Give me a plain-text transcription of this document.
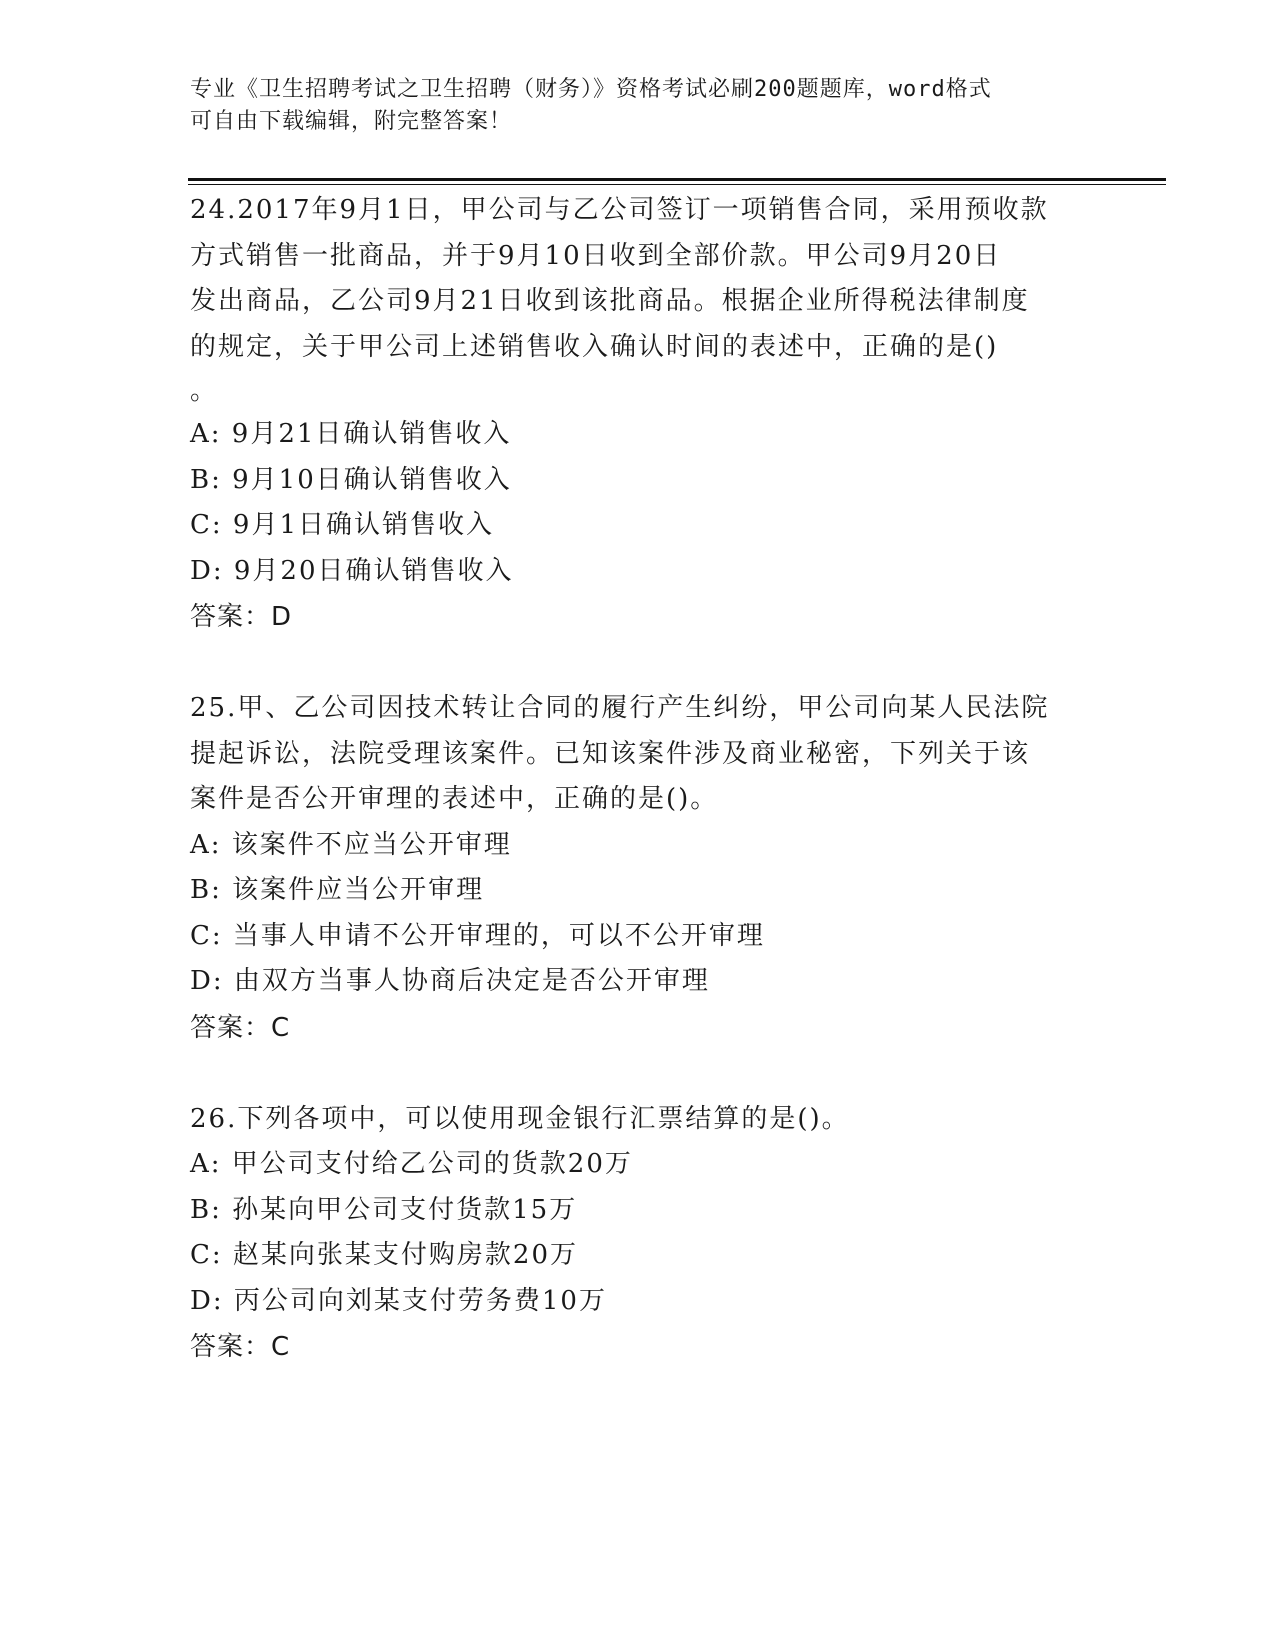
专业《卫生招聘考试之卫生招聘（财务）》资格考试必刷200题题库，word格式
可自由下载编辑，附完整答案！
24.2017年9月1日，甲公司与乙公司签订一项销售合同，采用预收款
方式销售一批商品，并于9月10日收到全部价款。甲公司9月20日
发出商品，乙公司9月21日收到该批商品。根据企业所得税法律制度
的规定，关于甲公司上述销售收入确认时间的表述中，正确的是()
。
A: 9月21日确认销售收入
B: 9月10日确认销售收入
C: 9月1日确认销售收入
D: 9月20日确认销售收入
答案：D
25.甲、乙公司因技术转让合同的履行产生纠纷，甲公司向某人民法院
提起诉讼，法院受理该案件。已知该案件涉及商业秘密，下列关于该
案件是否公开审理的表述中，正确的是()。
A: 该案件不应当公开审理
B: 该案件应当公开审理
C: 当事人申请不公开审理的，可以不公开审理
D: 由双方当事人协商后决定是否公开审理
答案：C
26.下列各项中，可以使用现金银行汇票结算的是()。
A: 甲公司支付给乙公司的货款20万
B: 孙某向甲公司支付货款15万
C: 赵某向张某支付购房款20万
D: 丙公司向刘某支付劳务费10万
答案：C
